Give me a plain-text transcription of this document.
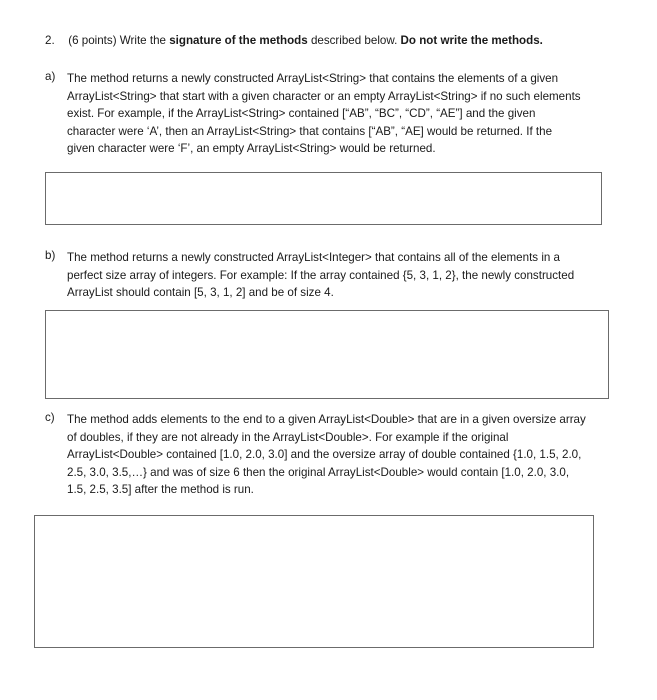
2. (6 points) Write the signature of the methods described below. Do not write the methods.
a) The method returns a newly constructed ArrayList<String> that contains the elements of a given
ArrayList<String> that start with a given character or an empty ArrayList<String> if no such elements
exist. For example, if the ArrayList<String> contained [“AB”, “BC”, “CD”, “AE”] and the given
character were ‘A’, then an ArrayList<String> that contains [“AB”, “AE] would be returned. If the
given character were ‘F’, an empty ArrayList<String> would be returned.
b) The method returns a newly constructed ArrayList<Integer> that contains all of the elements in a
perfect size array of integers. For example: If the array contained {5, 3, 1, 2}, the newly constructed
ArrayList should contain [5, 3, 1, 2] and be of size 4.
c) The method adds elements to the end to a given ArrayList<Double> that are in a given oversize array
of doubles, if they are not already in the ArrayList<Double>. For example if the original
ArrayList<Double> contained [1.0, 2.0, 3.0] and the oversize array of double contained {1.0, 1.5, 2.0,
2.5, 3.0, 3.5,…} and was of size 6 then the original ArrayList<Double> would contain [1.0, 2.0, 3.0,
1.5, 2.5, 3.5] after the method is run.
